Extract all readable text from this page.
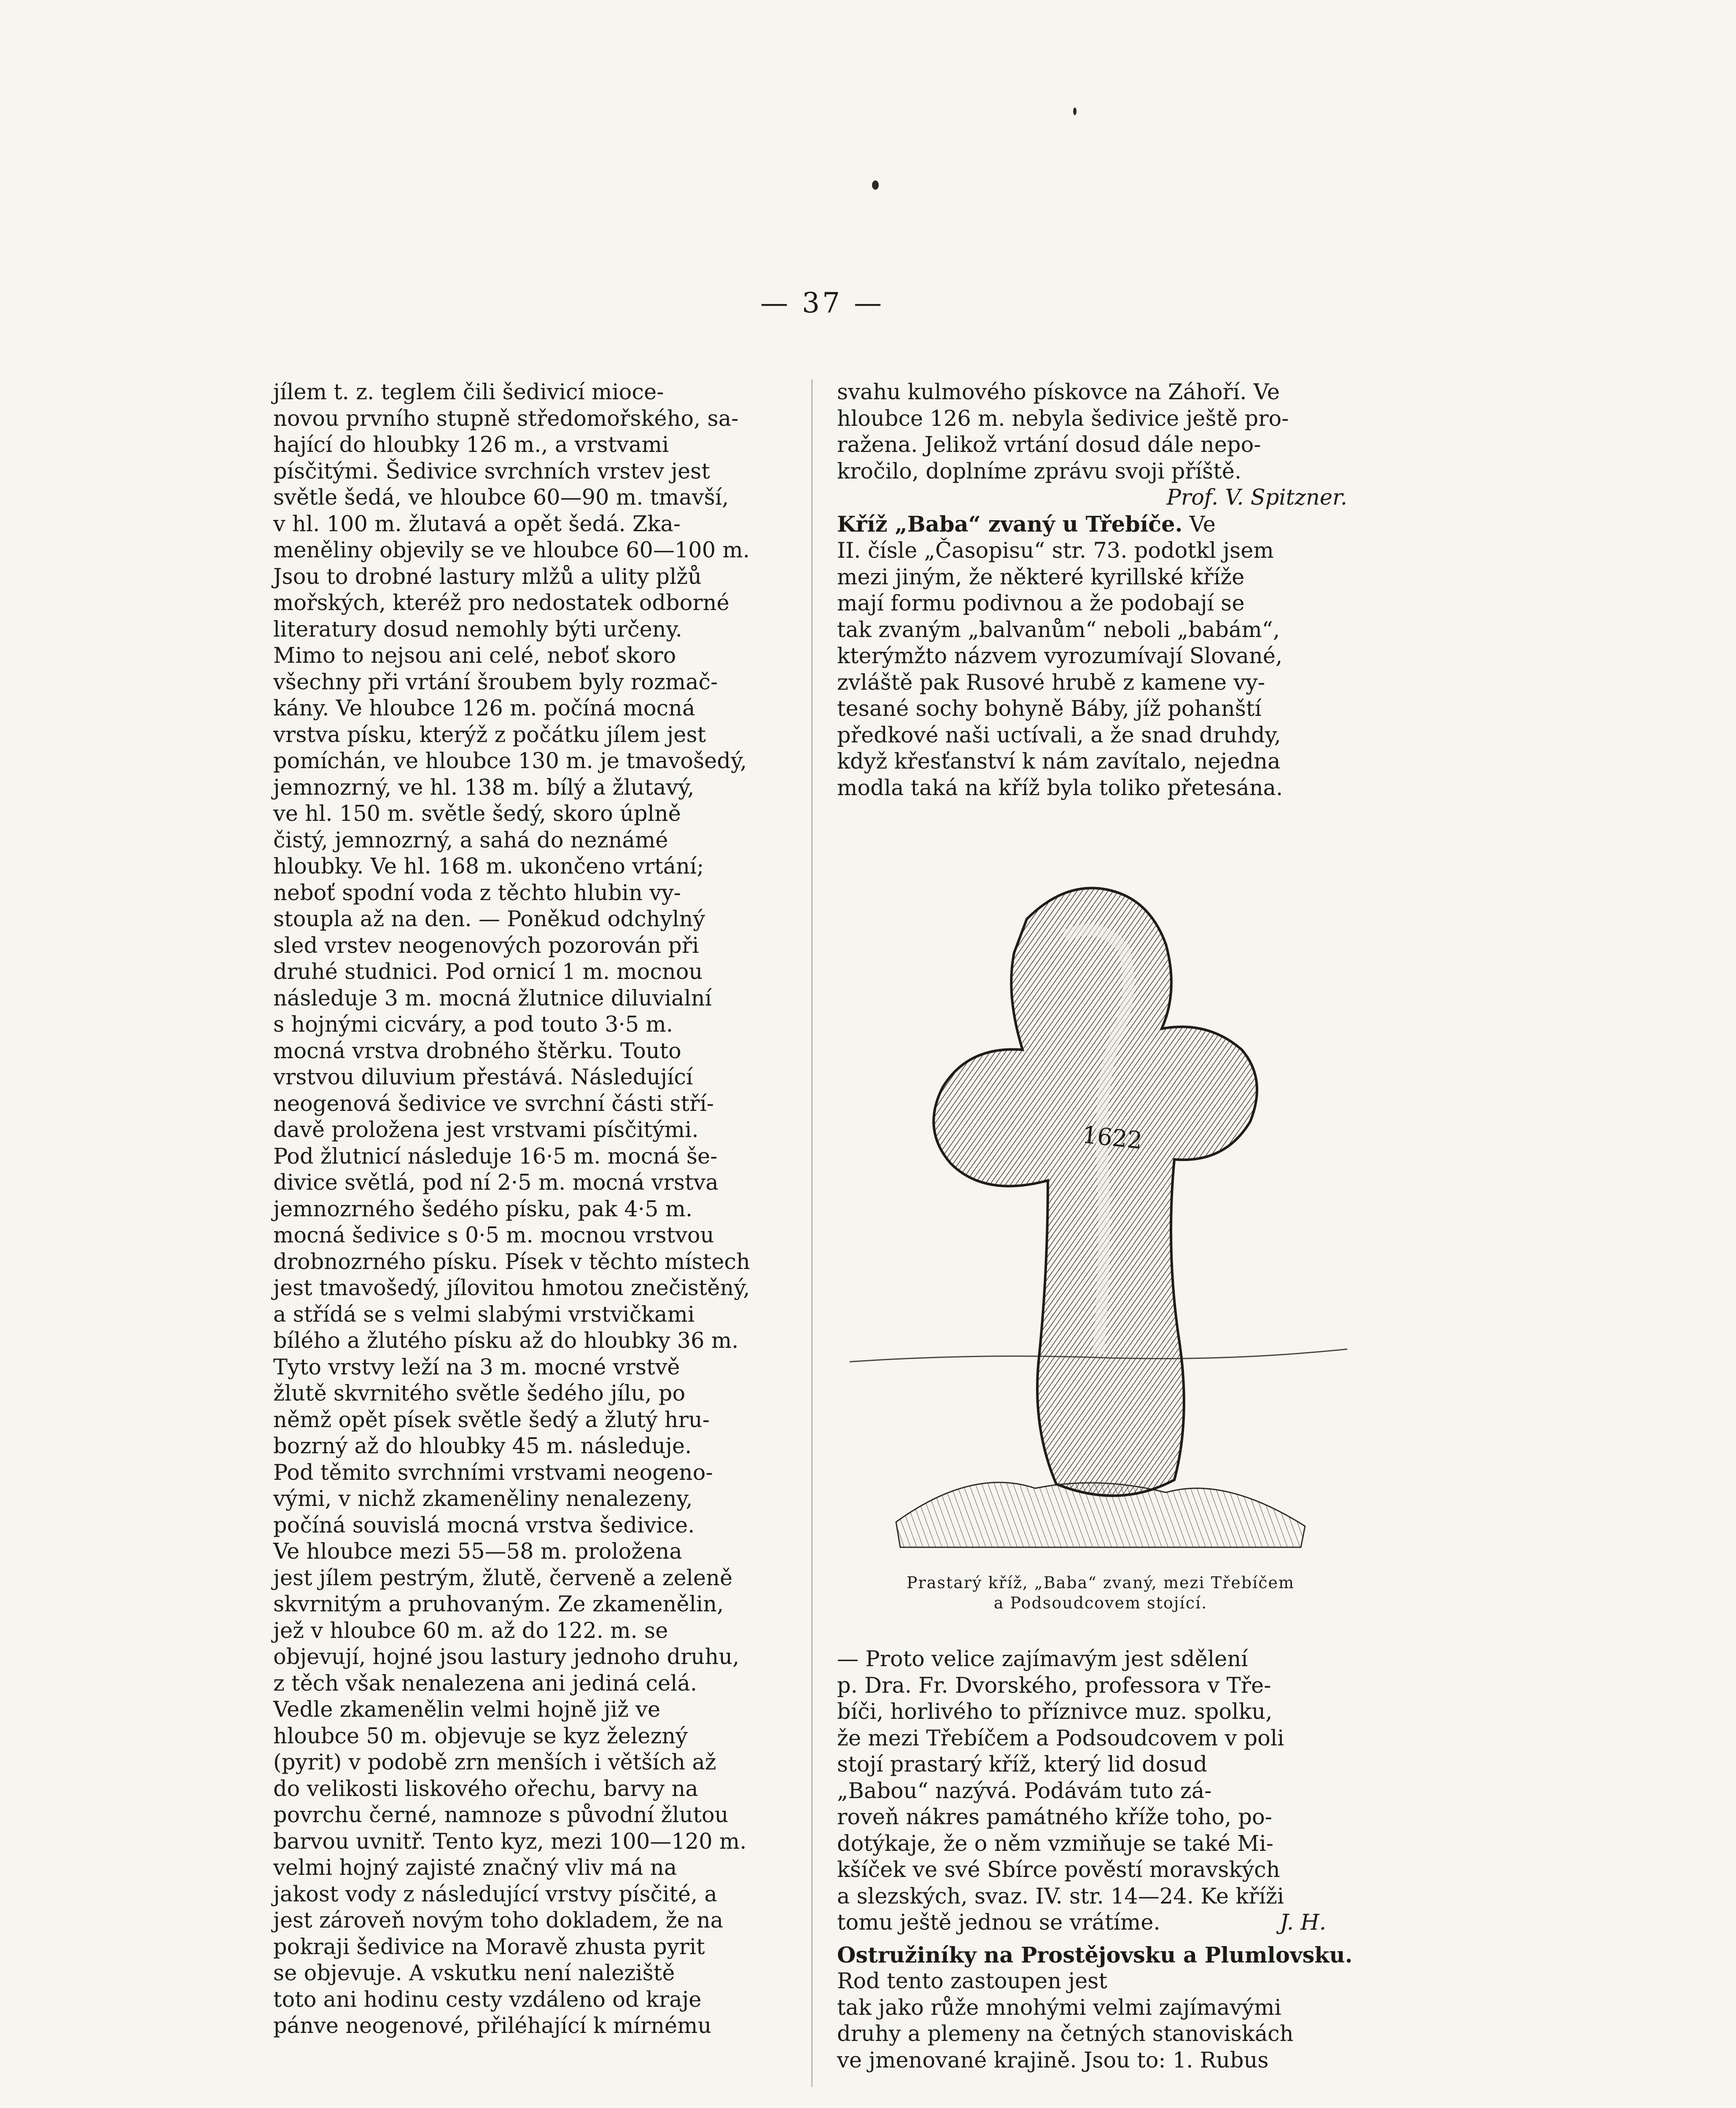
— 37 —

jílem t. z. teglem čili šedivicí mioce-

novou prvního stupně středomořského, sa-

hající do hloubky 126 m., a vrstvami

písčitými. Šedivice svrchních vrstev jest

světle šedá, ve hloubce 60—90 m. tmavší,

v hl. 100 m. žlutavá a opět šedá. Zka-

meněliny objevily se ve hloubce 60—100 m.

Jsou to drobné lastury mlžů a ulity plžů

mořských, kteréž pro nedostatek odborné

literatury dosud nemohly býti určeny.

Mimo to nejsou ani celé, neboť skoro

všechny při vrtání šroubem byly rozmač-

kány. Ve hloubce 126 m. počíná mocná

vrstva písku, kterýž z počátku jílem jest

pomíchán, ve hloubce 130 m. je tmavošedý,

jemnozrný, ve hl. 138 m. bílý a žlutavý,

ve hl. 150 m. světle šedý, skoro úplně

čistý, jemnozrný, a sahá do neznámé

hloubky. Ve hl. 168 m. ukončeno vrtání;

neboť spodní voda z těchto hlubin vy-

stoupla až na den. — Poněkud odchylný

sled vrstev neogenových pozorován při

druhé studnici. Pod ornicí 1 m. mocnou

následuje 3 m. mocná žlutnice diluvialní

s hojnými cicváry, a pod touto 3·5 m.

mocná vrstva drobného štěrku. Touto

vrstvou diluvium přestává. Následující

neogenová šedivice ve svrchní části stří-

davě proložena jest vrstvami písčitými.

Pod žlutnicí následuje 16·5 m. mocná še-

divice světlá, pod ní 2·5 m. mocná vrstva

jemnozrného šedého písku, pak 4·5 m.

mocná šedivice s 0·5 m. mocnou vrstvou

drobnozrného písku. Písek v těchto místech

jest tmavošedý, jílovitou hmotou znečistěný,

a střídá se s velmi slabými vrstvičkami

bílého a žlutého písku až do hloubky 36 m.

Tyto vrstvy leží na 3 m. mocné vrstvě

žlutě skvrnitého světle šedého jílu, po

němž opět písek světle šedý a žlutý hru-

bozrný až do hloubky 45 m. následuje.

Pod těmito svrchními vrstvami neogeno-

vými, v nichž zkameněliny nenalezeny,

počíná souvislá mocná vrstva šedivice.

Ve hloubce mezi 55—58 m. proložena

jest jílem pestrým, žlutě, červeně a zeleně

skvrnitým a pruhovaným. Ze zkamenělin,

jež v hloubce 60 m. až do 122. m. se

objevují, hojné jsou lastury jednoho druhu,

z těch však nenalezena ani jediná celá.

Vedle zkamenělin velmi hojně již ve

hloubce 50 m. objevuje se kyz železný

(pyrit) v podobě zrn menších i větších až

do velikosti liskového ořechu, barvy na

povrchu černé, namnoze s původní žlutou

barvou uvnitř. Tento kyz, mezi 100—120 m.

velmi hojný zajisté značný vliv má na

jakost vody z následující vrstvy písčité, a

jest zároveň novým toho dokladem, že na

pokraji šedivice na Moravě zhusta pyrit

se objevuje. A vskutku není naleziště

toto ani hodinu cesty vzdáleno od kraje

pánve neogenové, přiléhající k mírnému

svahu kulmového pískovce na Záhoří. Ve

hloubce 126 m. nebyla šedivice ještě pro-

ražena. Jelikož vrtání dosud dále nepo-

kročilo, doplníme zprávu svoji příště.

Prof. V. Spitzner.

Kříž „Baba“ zvaný u Třebíče. Ve

II. čísle „Časopisu“ str. 73. podotkl jsem

mezi jiným, že některé kyrillské kříže

mají formu podivnou a že podobají se

tak zvaným „balvanům“ neboli „babám“,

kterýmžto názvem vyrozumívají Slované,

zvláště pak Rusové hrubě z kamene vy-

tesané sochy bohyně Báby, jíž pohanští

předkové naši uctívali, a že snad druhdy,

když křesťanství k nám zavítalo, nejedna

modla taká na kříž byla toliko přetesána.

1622
Prastarý kříž, „Baba“ zvaný, mezi Třebíčem
a Podsoudcovem stojící.

— Proto velice zajímavým jest sdělení

p. Dra. Fr. Dvorského, professora v Tře-

bíči, horlivého to příznivce muz. spolku,

že mezi Třebíčem a Podsoudcovem v poli

stojí prastarý kříž, který lid dosud

„Babou“ nazývá. Podávám tuto zá-

roveň nákres památného kříže toho, po-

dotýkaje, že o něm vzmiňuje se také Mi-

kšíček ve své Sbírce pověstí moravských

a slezských, svaz. IV. str. 14—24. Ke kříži

tomu ještě jednou se vrátíme.	J. H.

Ostružiníky na Prostějovsku a Plumlovsku.

Rod tento zastoupen jest

tak jako růže mnohými velmi zajímavými

druhy a plemeny na četných stanoviskách

ve jmenované krajině. Jsou to: 1. Rubus
